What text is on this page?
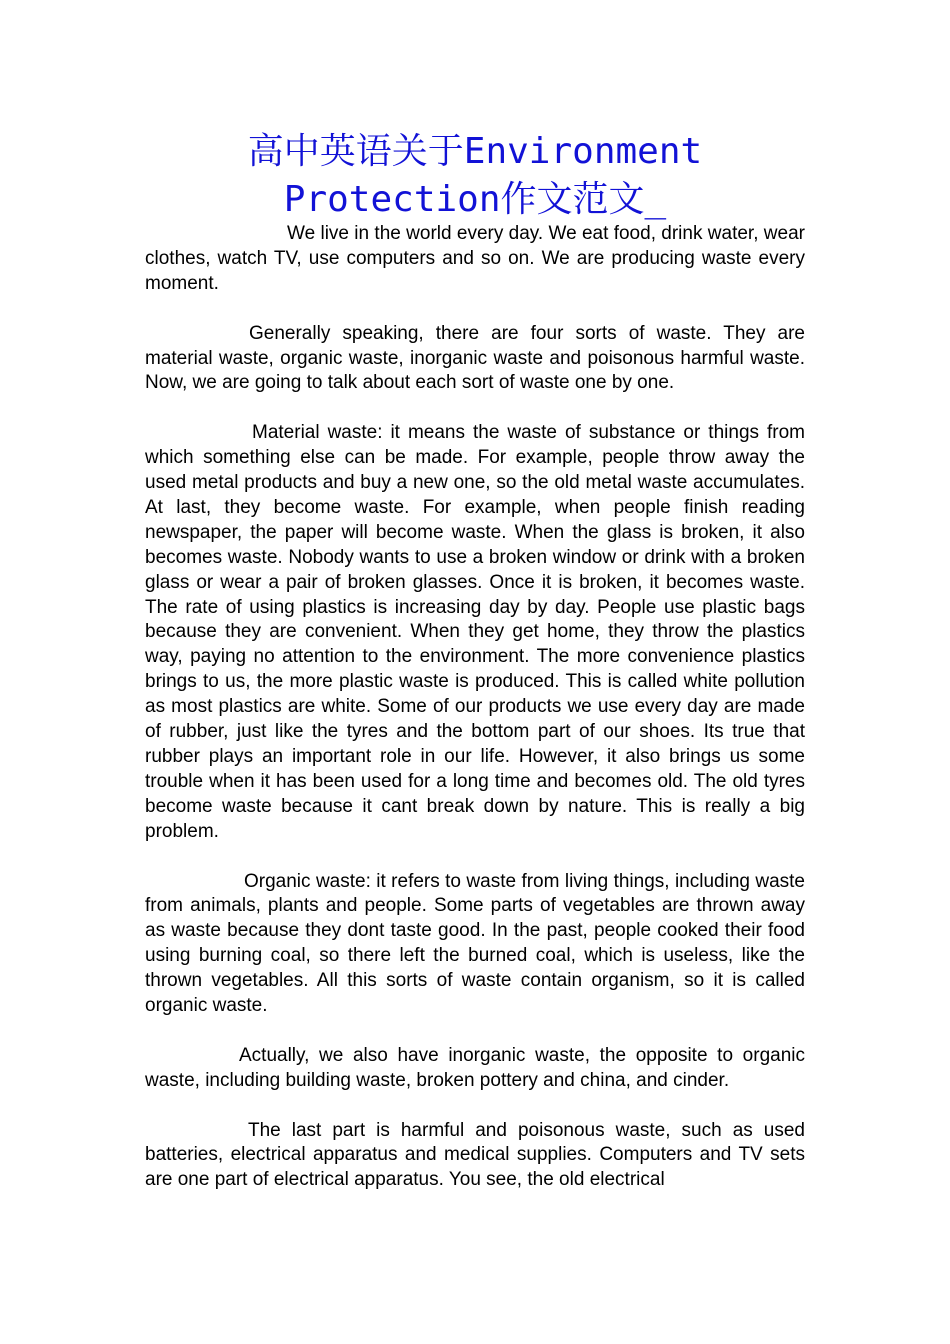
高中英语关于Environment
Protection作文范文_

We live in the world every day. We eat food, drink water, wear clothes, watch TV, use computers and so on. We are producing waste every moment.

Generally speaking, there are four sorts of waste. They are material waste, organic waste, inorganic waste and poisonous harmful waste. Now, we are going to talk about each sort of waste one by one.

Material waste: it means the waste of substance or things from which something else can be made. For example, people throw away the used metal products and buy a new one, so the old metal waste accumulates. At last, they become waste. For example, when people finish reading newspaper, the paper will become waste. When the glass is broken, it also becomes waste. Nobody wants to use a broken window or drink with a broken glass or wear a pair of broken glasses. Once it is broken, it becomes waste. The rate of using plastics is increasing day by day. People use plastic bags because they are convenient. When they get home, they throw the plastics way, paying no attention to the environment. The more convenience plastics brings to us, the more plastic waste is produced. This is called white pollution as most plastics are white. Some of our products we use every day are made of rubber, just like the tyres and the bottom part of our shoes. Its true that rubber plays an important role in our life. However, it also brings us some trouble when it has been used for a long time and becomes old. The old tyres become waste because it cant break down by nature. This is really a big problem.

Organic waste: it refers to waste from living things, including waste from animals, plants and people. Some parts of vegetables are thrown away as waste because they dont taste good. In the past, people cooked their food using burning coal, so there left the burned coal, which is useless, like the thrown vegetables. All this sorts of waste contain organism, so it is called organic waste.

Actually, we also have inorganic waste, the opposite to organic waste, including building waste, broken pottery and china, and cinder.

The last part is harmful and poisonous waste, such as used batteries, electrical apparatus and medical supplies. Computers and TV sets are one part of electrical apparatus. You see, the old electrical
